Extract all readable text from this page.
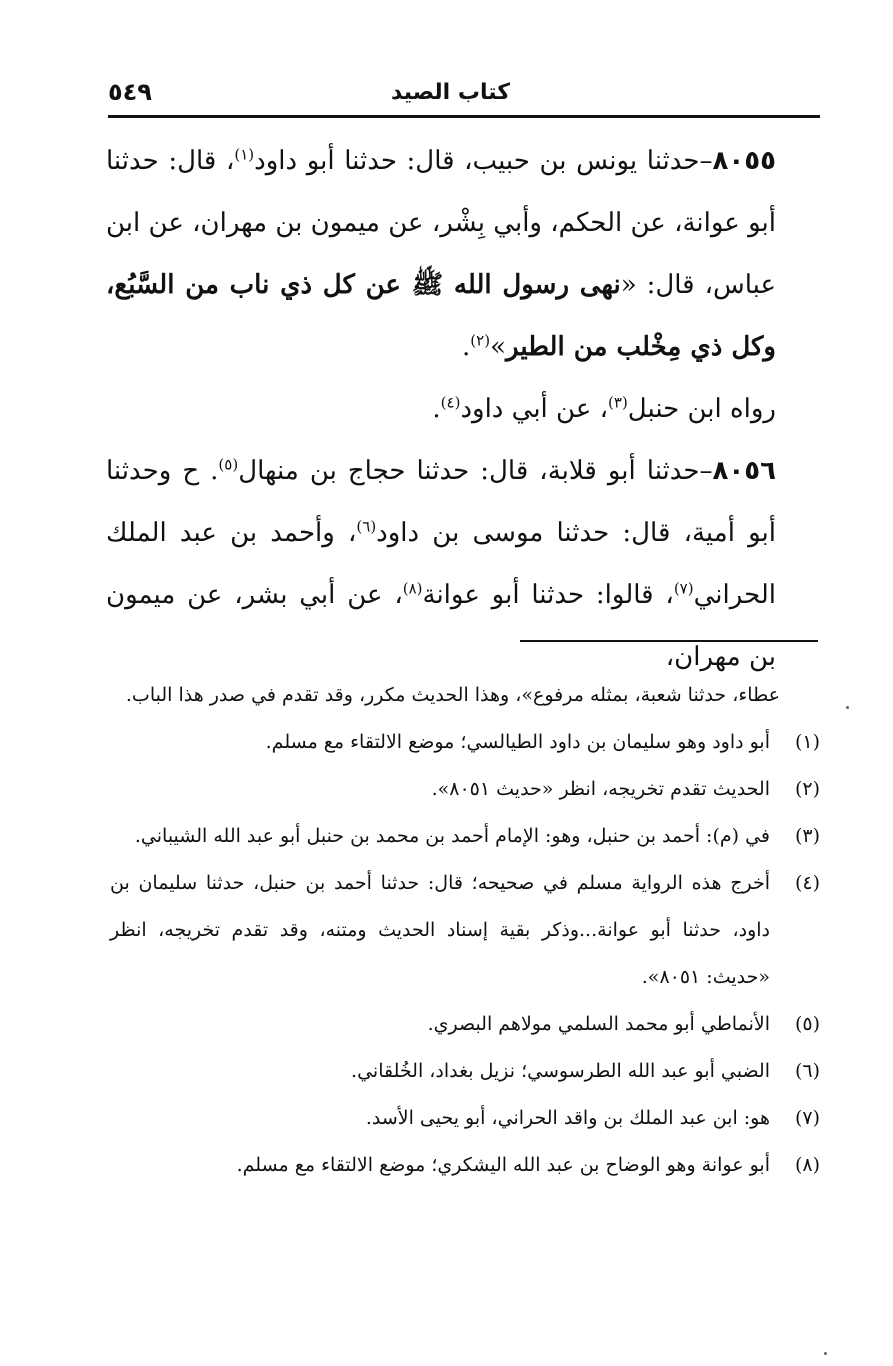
كتاب الصيد
٥٤٩

٨٠٥٥–حدثنا يونس بن حبيب، قال: حدثنا أبو داود$^{(١)}$، قال: حدثنا أبو عوانة، عن الحكم، وأبي بِشْر، عن ميمون بن مهران، عن ابن عباس، قال: «نهى رسول الله ﷺ عن كل ذي ناب من السَّبُع، وكل ذي مِخْلب من الطير»$^{(٢)}$.

رواه ابن حنبل$^{(٣)}$، عن أبي داود$^{(٤)}$.

٨٠٥٦–حدثنا أبو قلابة، قال: حدثنا حجاج بن منهال$^{(٥)}$. ح وحدثنا أبو أمية، قال: حدثنا موسى بن داود$^{(٦)}$، وأحمد بن عبد الملك الحراني$^{(٧)}$، قالوا: حدثنا أبو عوانة$^{(٨)}$، عن أبي بشر، عن ميمون بن مهران،

عطاء، حدثنا شعبة، بمثله مرفوع»، وهذا الحديث مكرر، وقد تقدم في صدر هذا الباب.

(١)
أبو داود وهو سليمان بن داود الطيالسي؛ موضع الالتقاء مع مسلم.

(٢)
الحديث تقدم تخريجه، انظر «حديث ٨٠٥١».

(٣)
في (م): أحمد بن حنبل، وهو: الإمام أحمد بن محمد بن حنبل أبو عبد الله الشيباني.

(٤)
أخرج هذه الرواية مسلم في صحيحه؛ قال: حدثنا أحمد بن حنبل، حدثنا سليمان بن داود، حدثنا أبو عوانة...وذكر بقية إسناد الحديث ومتنه، وقد تقدم تخريجه، انظر «حديث: ٨٠٥١».

(٥)
الأنماطي أبو محمد السلمي مولاهم البصري.

(٦)
الضبي أبو عبد الله الطرسوسي؛ نزيل بغداد، الخُلقاني.

(٧)
هو: ابن عبد الملك بن واقد الحراني، أبو يحيى الأسد.

(٨)
أبو عوانة وهو الوضاح بن عبد الله اليشكري؛ موضع الالتقاء مع مسلم.
